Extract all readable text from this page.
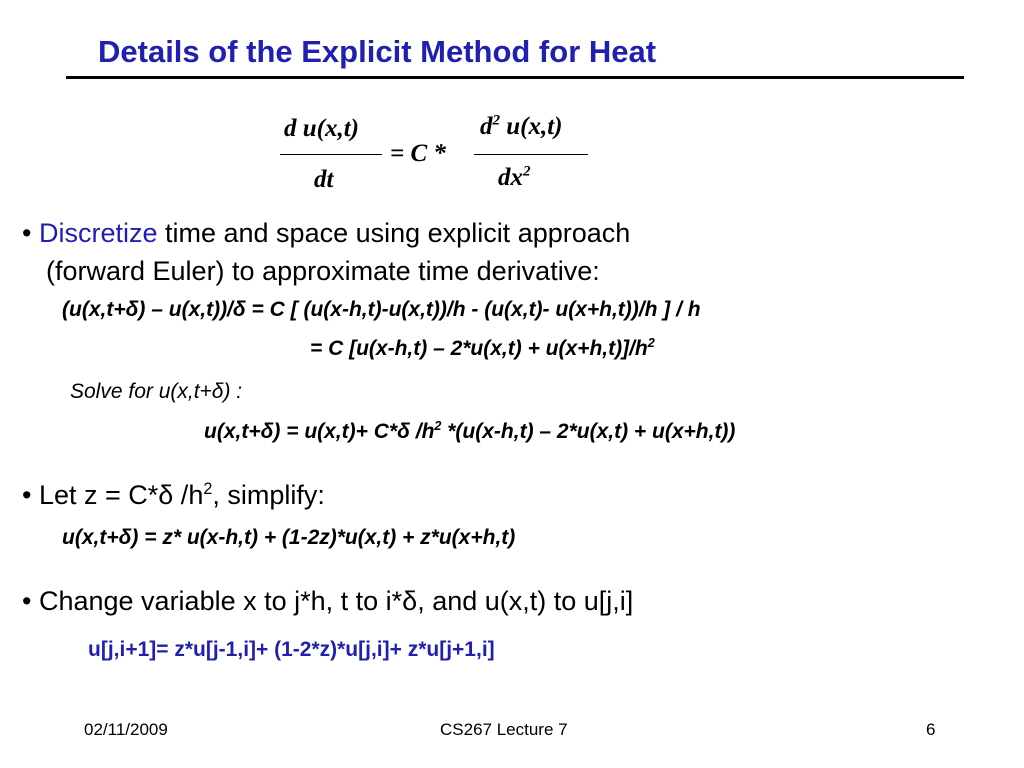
Details of the Explicit Method for Heat
d u(x,t)
dt
= C *
$d^2$ u(x,t)
$dx^2$
• Discretize time and space using explicit approach
(forward Euler) to approximate time derivative:
(u(x,t+δ) – u(x,t))/δ = C [ (u(x-h,t)-u(x,t))/h - (u(x,t)- u(x+h,t))/h ] / h
= C $[u(x-h,t) - 2*u(x,t) + u(x+h,t)]/h^2$
Solve for u(x,t+δ) :
u(x,t+δ) = u(x,t)+ C*δ $/h^2$ *(u(x-h,t) – 2*u(x,t) + u(x+h,t))
• Let z = C*δ $/h^2$, simplify:
u(x,t+δ) = z* u(x-h,t) + (1-2z)*u(x,t) + z*u(x+h,t)
• Change variable x to j*h, t to i*δ, and u(x,t) to u[j,i]
u[j,i+1]= z*u[j-1,i]+ (1-2*z)*u[j,i]+ z*u[j+1,i]
02/11/2009	CS267 Lecture 7	6
